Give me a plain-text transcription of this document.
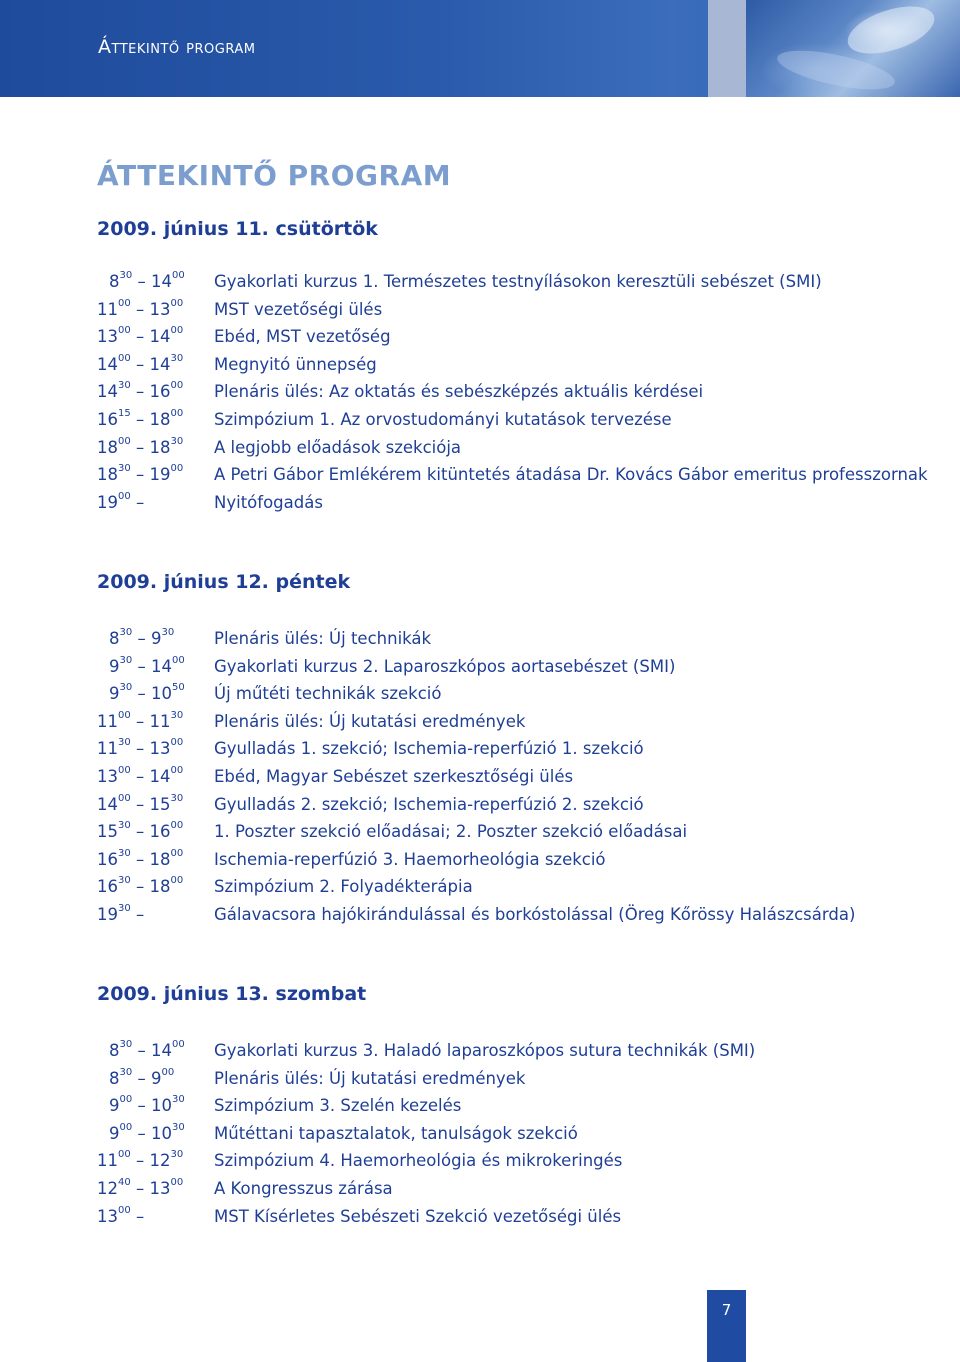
Áttekintő program
ÁTTEKINTŐ PROGRAM
2009. június 11. csütörtök
$8^{30} - 14^{00}$	Gyakorlati kurzus 1. Természetes testnyílásokon keresztüli sebészet (SMI)
$11^{00} - 13^{00}$	MST vezetőségi ülés
$13^{00} - 14^{00}$	Ebéd, MST vezetőség
$14^{00} - 14^{30}$	Megnyitó ünnepség
$14^{30} - 16^{00}$	Plenáris ülés: Az oktatás és sebészképzés aktuális kérdései
$16^{15} - 18^{00}$	Szimpózium 1. Az orvostudományi kutatások tervezése
$18^{00} - 18^{30}$	A legjobb előadások szekciója
$18^{30} - 19^{00}$	A Petri Gábor Emlékérem kitüntetés átadása Dr. Kovács Gábor emeritus professzornak
$19^{00}$ –	Nyitófogadás
2009. június 12. péntek
$8^{30} - 9^{30}$	Plenáris ülés: Új technikák
$9^{30} - 14^{00}$	Gyakorlati kurzus 2. Laparoszkópos aortasebészet (SMI)
$9^{30} - 10^{50}$	Új műtéti technikák szekció
$11^{00} - 11^{30}$	Plenáris ülés: Új kutatási eredmények
$11^{30} - 13^{00}$	Gyulladás 1. szekció; Ischemia-reperfúzió 1. szekció
$13^{00} - 14^{00}$	Ebéd, Magyar Sebészet szerkesztőségi ülés
$14^{00} - 15^{30}$	Gyulladás 2. szekció; Ischemia-reperfúzió 2. szekció
$15^{30} - 16^{00}$	1. Poszter szekció előadásai; 2. Poszter szekció előadásai
$16^{30} - 18^{00}$	Ischemia-reperfúzió 3. Haemorheológia szekció
$16^{30} - 18^{00}$	Szimpózium 2. Folyadékterápia
$19^{30}$ –	Gálavacsora hajókirándulással és borkóstolással (Öreg Kőrössy Halászcsárda)
2009. június 13. szombat
$8^{30} - 14^{00}$	Gyakorlati kurzus 3. Haladó laparoszkópos sutura technikák (SMI)
$8^{30} - 9^{00}$	Plenáris ülés: Új kutatási eredmények
$9^{00} - 10^{30}$	Szimpózium 3. Szelén kezelés
$9^{00} - 10^{30}$	Műtéttani tapasztalatok, tanulságok szekció
$11^{00} - 12^{30}$	Szimpózium 4. Haemorheológia és mikrokeringés
$12^{40} - 13^{00}$	A Kongresszus zárása
$13^{00}$ –	MST Kísérletes Sebészeti Szekció vezetőségi ülés
7
